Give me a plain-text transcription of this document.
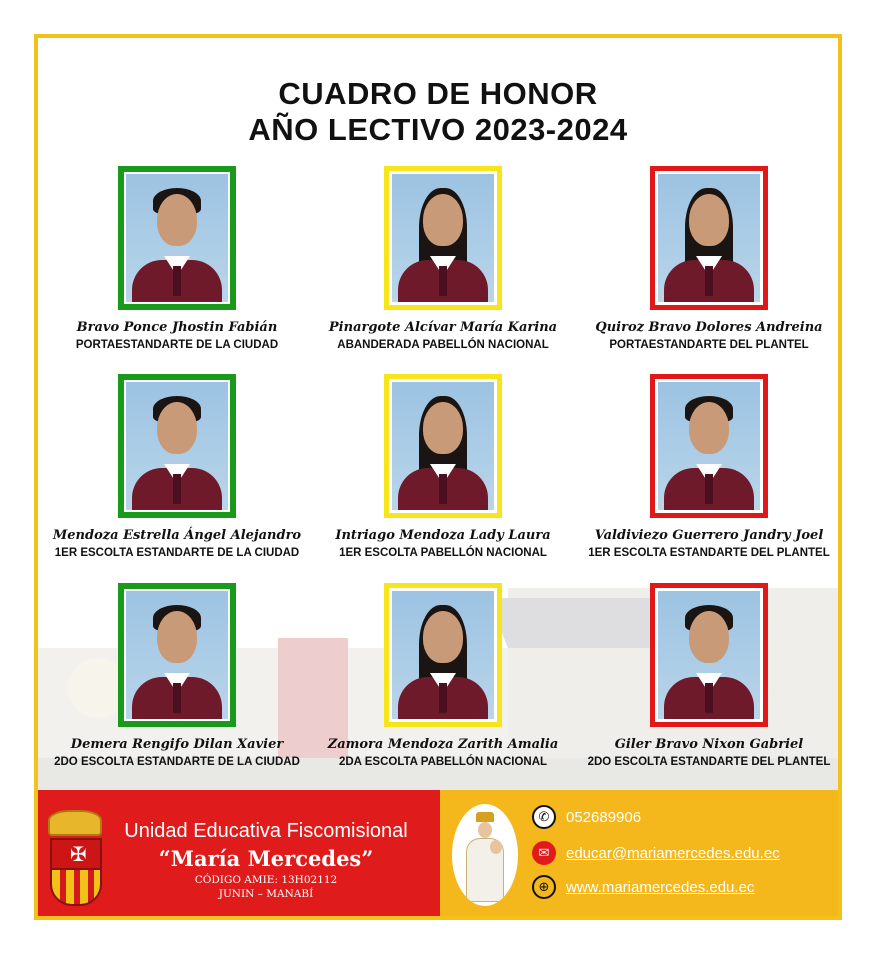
CUADRO DE HONOR
AÑO LECTIVO 2023-2024
Bravo Ponce Jhostin Fabián
PORTAESTANDARTE DE LA CIUDAD
Pinargote Alcívar María Karina
ABANDERADA PABELLÓN NACIONAL
Quiroz Bravo Dolores Andreina
PORTAESTANDARTE DEL PLANTEL
Mendoza Estrella Ángel Alejandro
1ER ESCOLTA ESTANDARTE DE LA CIUDAD
Intriago Mendoza Lady Laura
1ER ESCOLTA PABELLÓN NACIONAL
Valdiviezo Guerrero Jandry Joel
1ER ESCOLTA ESTANDARTE DEL PLANTEL
Demera Rengifo Dilan Xavier
2DO ESCOLTA ESTANDARTE DE LA CIUDAD
Zamora Mendoza Zarith Amalia
2DA ESCOLTA PABELLÓN NACIONAL
Giler Bravo Nixon Gabriel
2DO ESCOLTA ESTANDARTE DEL PLANTEL
✠
Unidad Educativa Fiscomisional
“María Mercedes”
CÓDIGO AMIE: 13H02112
JUNIN – MANABÍ
✆	052689906
✉	educar@mariamercedes.edu.ec
⊕	www.mariamercedes.edu.ec
